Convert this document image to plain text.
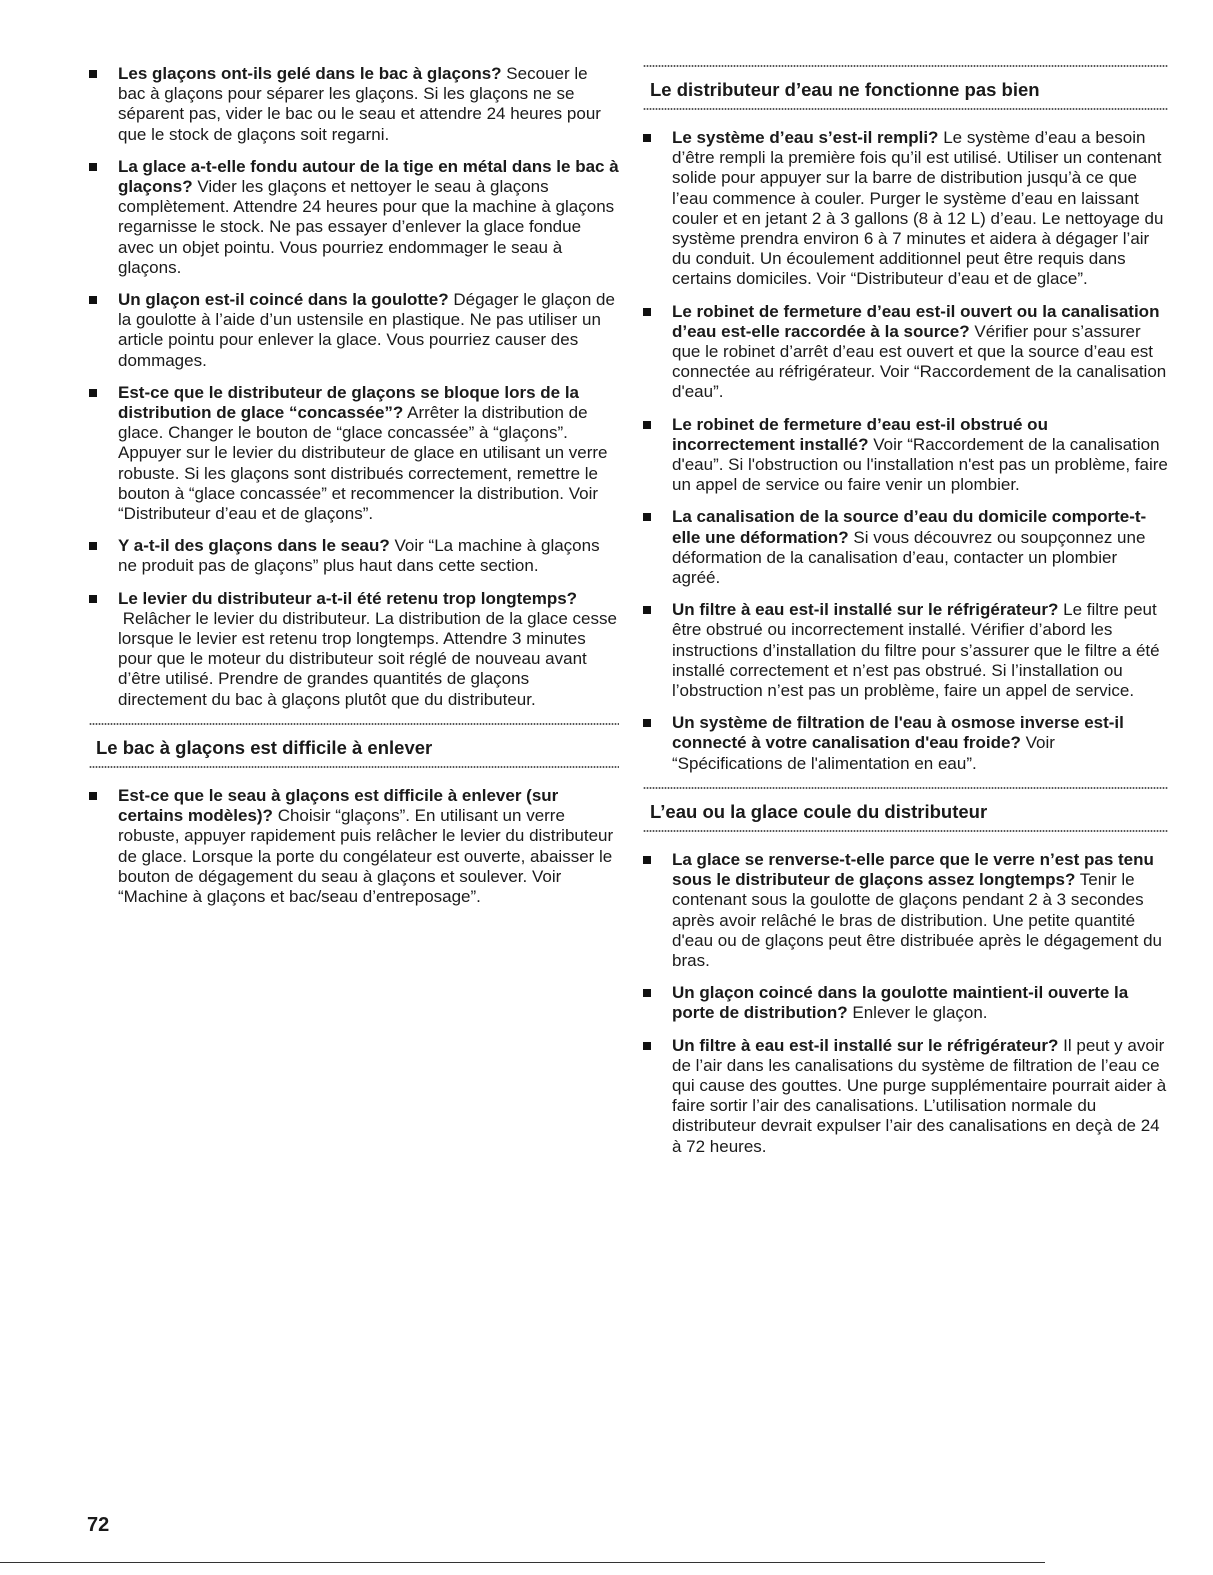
Les glaçons ont-ils gelé dans le bac à glaçons? Secouer le bac à glaçons pour séparer les glaçons. Si les glaçons ne se séparent pas, vider le bac ou le seau et attendre 24 heures pour que le stock de glaçons soit regarni.
La glace a-t-elle fondu autour de la tige en métal dans le bac à glaçons? Vider les glaçons et nettoyer le seau à glaçons complètement. Attendre 24 heures pour que la machine à glaçons regarnisse le stock. Ne pas essayer d’enlever la glace fondue avec un objet pointu. Vous pourriez endommager le seau à glaçons.
Un glaçon est-il coincé dans la goulotte? Dégager le glaçon de la goulotte à l’aide d’un ustensile en plastique. Ne pas utiliser un article pointu pour enlever la glace. Vous pourriez causer des dommages.
Est-ce que le distributeur de glaçons se bloque lors de la distribution de glace “concassée”? Arrêter la distribution de glace. Changer le bouton de “glace concassée” à “glaçons”. Appuyer sur le levier du distributeur de glace en utilisant un verre robuste. Si les glaçons sont distribués correctement, remettre le bouton à “glace concassée” et recommencer la distribution. Voir “Distributeur d’eau et de glaçons”.
Y a-t-il des glaçons dans le seau? Voir “La machine à glaçons ne produit pas de glaçons” plus haut dans cette section.
Le levier du distributeur a-t-il été retenu trop longtemps? Relâcher le levier du distributeur. La distribution de la glace cesse lorsque le levier est retenu trop longtemps. Attendre 3 minutes pour que le moteur du distributeur soit réglé de nouveau avant d’être utilisé. Prendre de grandes quantités de glaçons directement du bac à glaçons plutôt que du distributeur.
Le bac à glaçons est difficile à enlever
Est-ce que le seau à glaçons est difficile à enlever (sur certains modèles)? Choisir “glaçons”. En utilisant un verre robuste, appuyer rapidement puis relâcher le levier du distributeur de glace. Lorsque la porte du congélateur est ouverte, abaisser le bouton de dégagement du seau à glaçons et soulever. Voir “Machine à glaçons et bac/seau d’entreposage”.
Le distributeur d’eau ne fonctionne pas bien
Le système d’eau s’est-il rempli? Le système d’eau a besoin d’être rempli la première fois qu’il est utilisé. Utiliser un contenant solide pour appuyer sur la barre de distribution jusqu’à ce que l’eau commence à couler. Purger le système d’eau en laissant couler et en jetant 2 à 3 gallons (8 à 12 L) d’eau. Le nettoyage du système prendra environ 6 à 7 minutes et aidera à dégager l’air du conduit. Un écoulement additionnel peut être requis dans certains domiciles. Voir “Distributeur d’eau et de glace”.
Le robinet de fermeture d’eau est-il ouvert ou la canalisation d’eau est-elle raccordée à la source? Vérifier pour s’assurer que le robinet d’arrêt d’eau est ouvert et que la source d’eau est connectée au réfrigérateur. Voir “Raccordement de la canalisation d'eau”.
Le robinet de fermeture d’eau est-il obstrué ou incorrectement installé? Voir “Raccordement de la canalisation d'eau”. Si l'obstruction ou l'installation n'est pas un problème, faire un appel de service ou faire venir un plombier.
La canalisation de la source d’eau du domicile comporte-t-elle une déformation? Si vous découvrez ou soupçonnez une déformation de la canalisation d’eau, contacter un plombier agréé.
Un filtre à eau est-il installé sur le réfrigérateur? Le filtre peut être obstrué ou incorrectement installé. Vérifier d’abord les instructions d’installation du filtre pour s’assurer que le filtre a été installé correctement et n’est pas obstrué. Si l’installation ou l’obstruction n’est pas un problème, faire un appel de service.
Un système de filtration de l'eau à osmose inverse est-il connecté à votre canalisation d'eau froide? Voir “Spécifications de l'alimentation en eau”.
L’eau ou la glace coule du distributeur
La glace se renverse-t-elle parce que le verre n’est pas tenu sous le distributeur de glaçons assez longtemps? Tenir le contenant sous la goulotte de glaçons pendant 2 à 3 secondes après avoir relâché le bras de distribution. Une petite quantité d'eau ou de glaçons peut être distribuée après le dégagement du bras.
Un glaçon coincé dans la goulotte maintient-il ouverte la porte de distribution? Enlever le glaçon.
Un filtre à eau est-il installé sur le réfrigérateur? Il peut y avoir de l’air dans les canalisations du système de filtration de l’eau ce qui cause des gouttes. Une purge supplémentaire pourrait aider à faire sortir l’air des canalisations. L’utilisation normale du distributeur devrait expulser l’air des canalisations en deçà de 24 à 72 heures.
72
